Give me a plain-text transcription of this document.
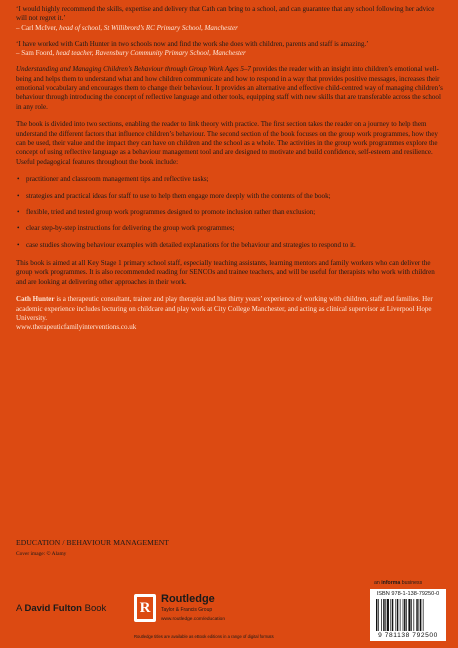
‘I would highly recommend the skills, expertise and delivery that Cath can bring to a school, and can guarantee that any school following her advice will not regret it.’
– Carl McIver, head of school, St Willibrord’s RC Primary School, Manchester

‘I have worked with Cath Hunter in two schools now and find the work she does with children, parents and staff is amazing.’
– Sam Foord, head teacher, Ravensbury Community Primary School, Manchester

Understanding and Managing Children’s Behaviour through Group Work Ages 5–7 provides the reader with an insight into children’s emotional well-being and helps them to understand what and how children communicate and how to respond in a way that provides positive messages, increases their emotional vocabulary and encourages them to change their behaviour. It provides an alternative and effective child-centred way of managing children’s behaviour through introducing the concept of reflective language and other tools, equipping staff with new skills that are transferable across the school in any role.

The book is divided into two sections, enabling the reader to link theory with practice. The first section takes the reader on a journey to help them understand the different factors that influence children’s behaviour. The second section of the book focuses on the group work programmes, how they can be used, their value and the impact they can have on children and the school as a whole. The activities in the group work programmes explore the concept of using reflective language as a behaviour management tool and are designed to motivate and build confidence, self-esteem and resilience. Useful pedagogical features throughout the book include:

• practitioner and classroom management tips and reflective tasks;
• strategies and practical ideas for staff to use to help them engage more deeply with the contents of the book;
• flexible, tried and tested group work programmes designed to promote inclusion rather than exclusion;
• clear step-by-step instructions for delivering the group work programmes;
• case studies showing behaviour examples with detailed explanations for the behaviour and strategies to respond to it.

This book is aimed at all Key Stage 1 primary school staff, especially teaching assistants, learning mentors and family workers who can deliver the group work programmes. It is also recommended reading for SENCOs and trainee teachers, and will be useful for therapists who work with children and are looking at delivering other approaches in their work.

Cath Hunter is a therapeutic consultant, trainer and play therapist and has thirty years’ experience of working with children, staff and families. Her academic experience includes lecturing on childcare and play work at City College Manchester, and acting as clinical supervisor at Liverpool Hope University.
www.therapeuticfamilyinterventions.co.uk

EDUCATION / BEHAVIOUR MANAGEMENT
Cover image: © Alamy
A David Fulton Book R
Routledge
Taylor & Francis Group
www.routledge.com/education
Routledge titles are available as eBook editions in a range of digital formats
an informa business
ISBN 978-1-138-79250-0
9 781138 792500
